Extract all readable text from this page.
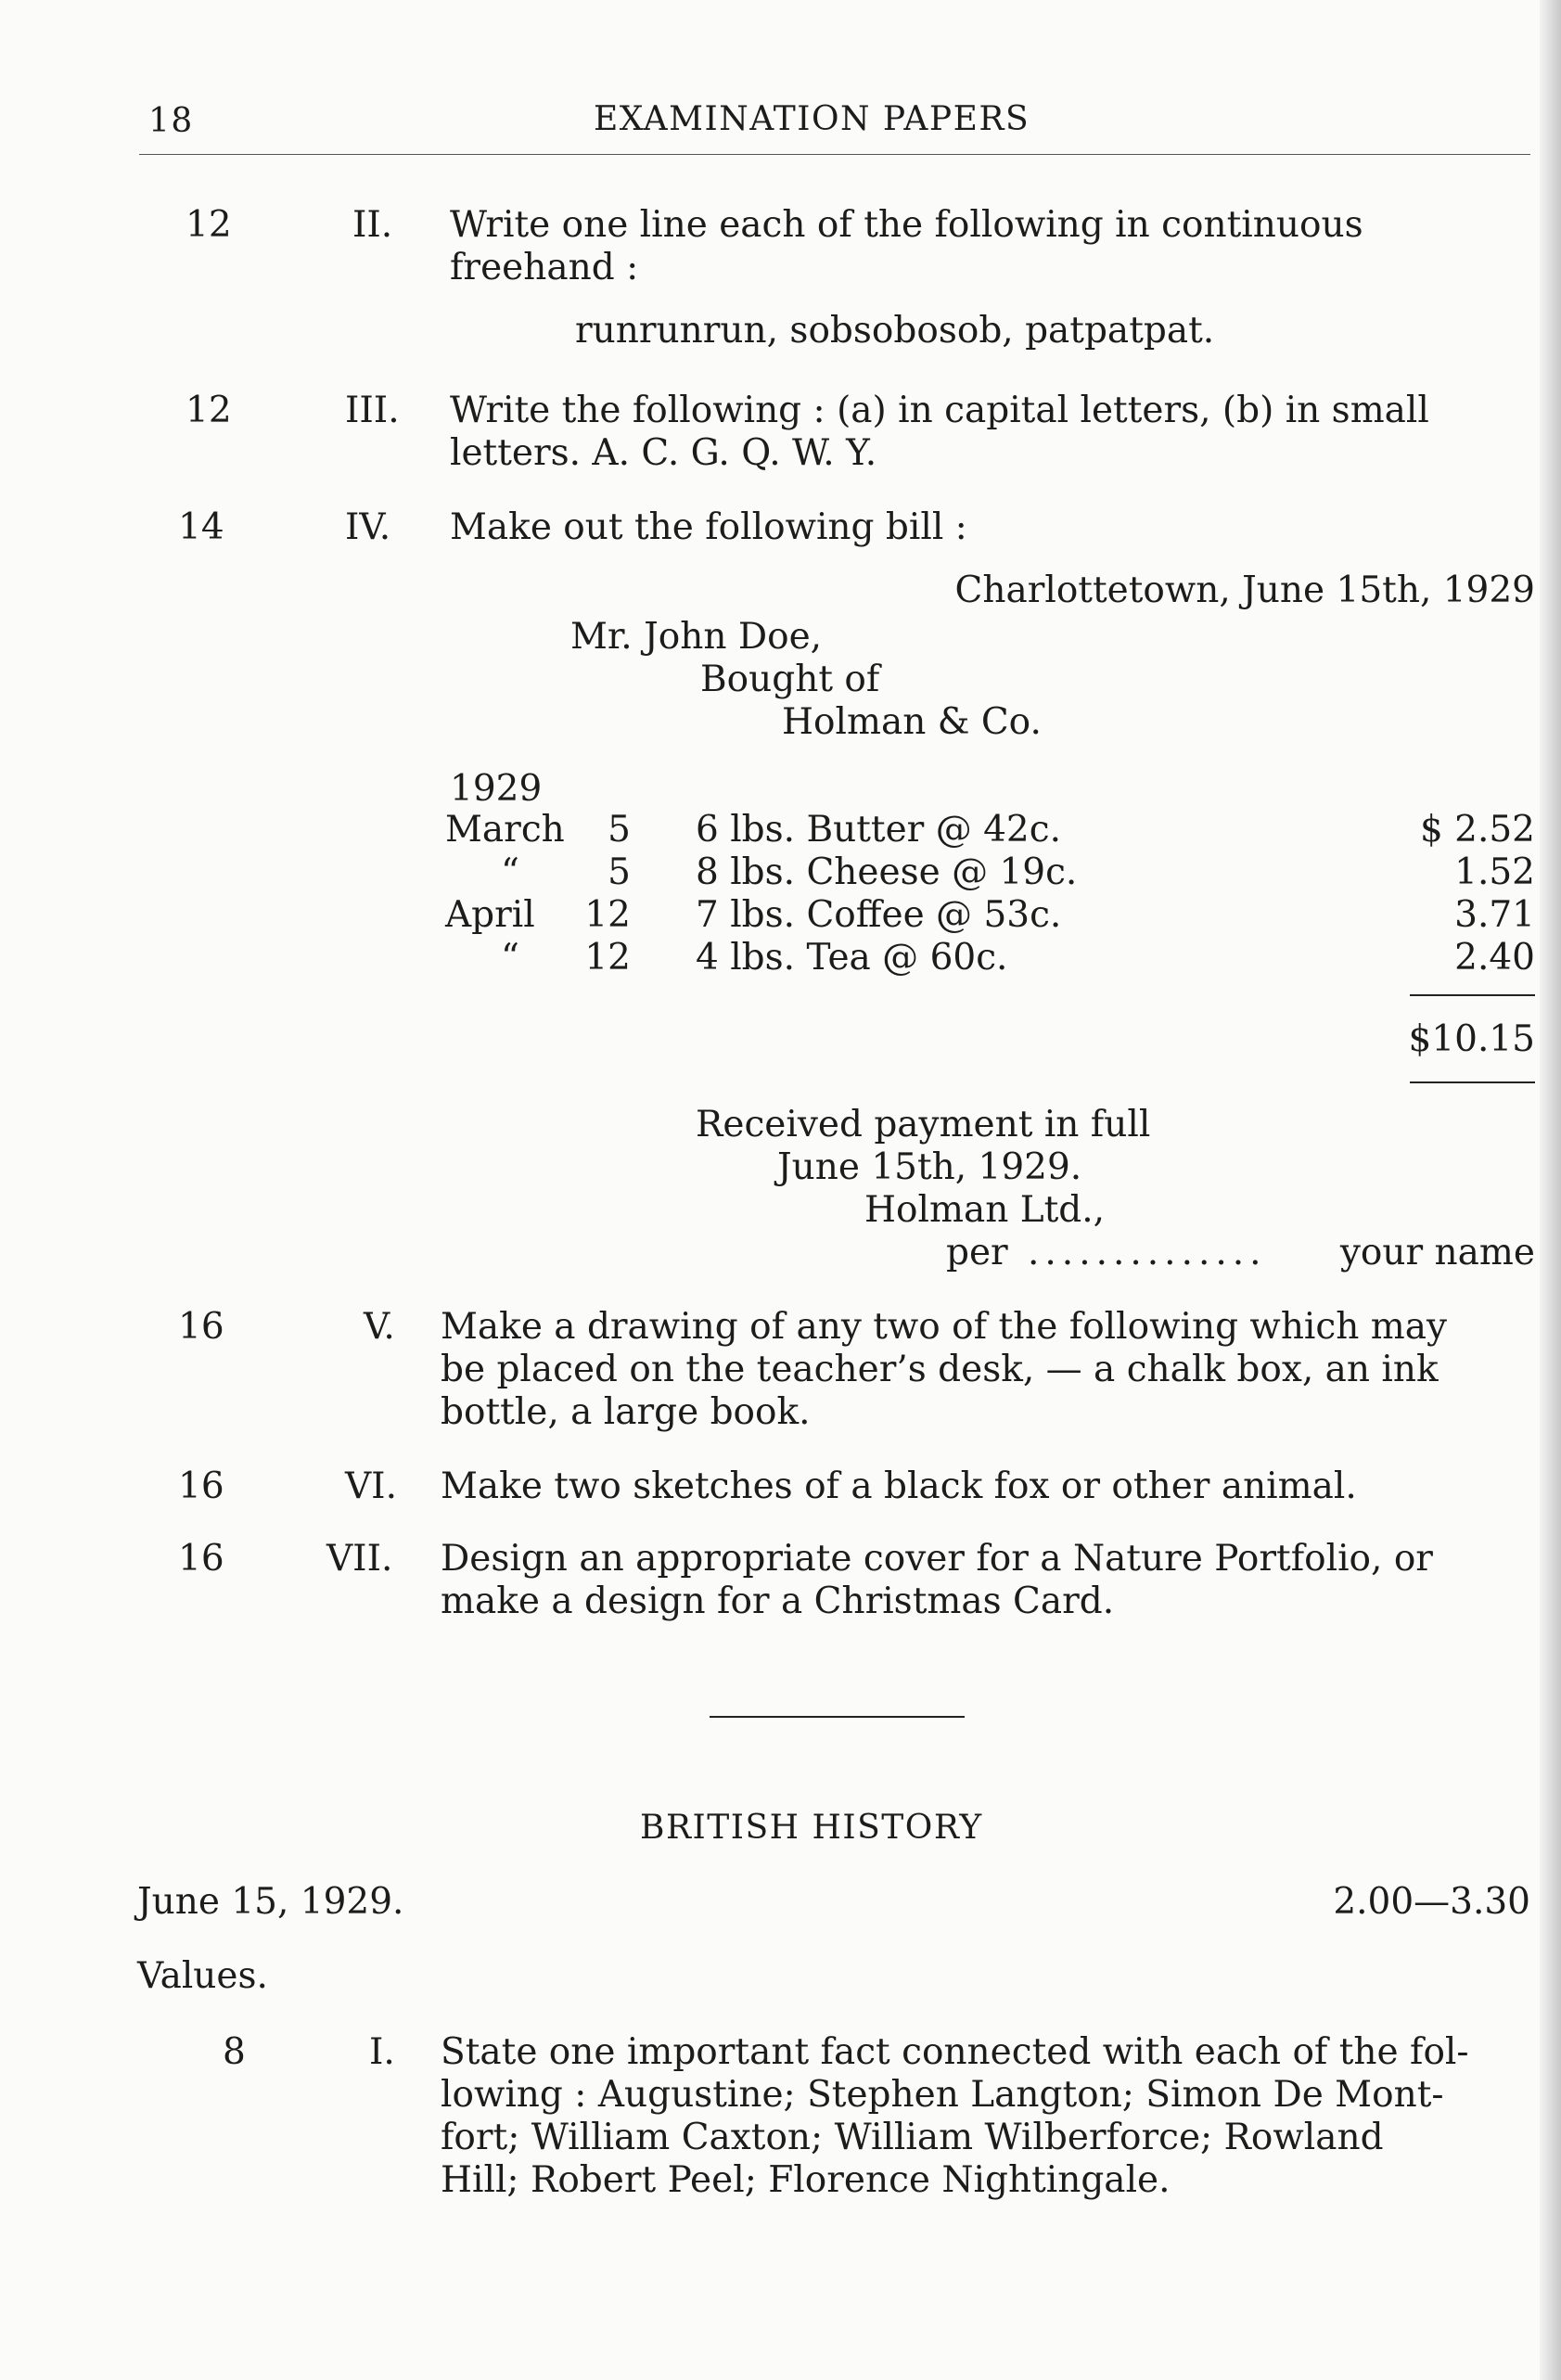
18	EXAMINATION PAPERS
12	II. Write one line each of the following in continuous
freehand :
runrunrun, sobsobosob, patpatpat.
12	III. Write the following : (a) in capital letters, (b) in small
letters. A. C. G. Q. W. Y.
14	IV. Make out the following bill :
Charlottetown, June 15th, 1929
Mr. John Doe,
Bought of
Holman & Co.
1929
March	5 6 lbs. Butter @ 42c.	$ 2.52
“	5 8 lbs. Cheese @ 19c.	1.52
April 12 7 lbs. Coffee @ 53c.	3.71
“ 12 4 lbs. Tea @ 60c.	2.40
$10.15
Received payment in full
June 15th, 1929.
Holman Ltd.,
per ..............	your name
16	V. Make a drawing of any two of the following which may
be placed on the teacher’s desk, — a chalk box, an ink
bottle, a large book.
16	VI. Make two sketches of a black fox or other animal.
16	VII. Design an appropriate cover for a Nature Portfolio, or
make a design for a Christmas Card.
BRITISH HISTORY
June 15, 1929.	2.00—3.30
Values.
8	I. State one important fact connected with each of the fol-
lowing : Augustine; Stephen Langton; Simon De Mont-
fort; William Caxton; William Wilberforce; Rowland
Hill; Robert Peel; Florence Nightingale.
